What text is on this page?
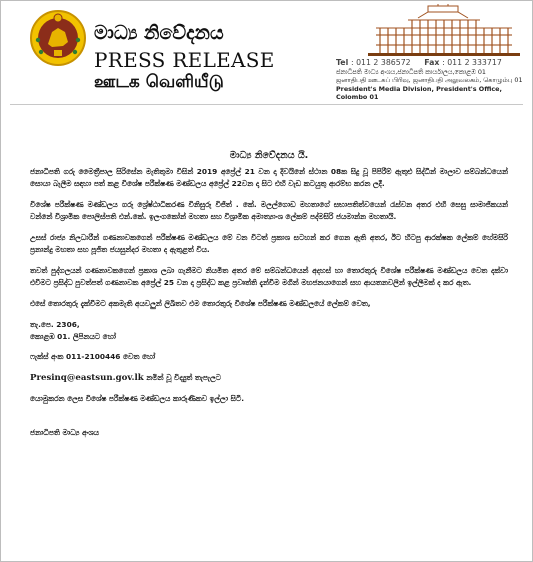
මාධ්‍ය නිවේදනය
PRESS RELEASE
ஊடக வெளியீடு
Tel : 011 2 386572 Fax : 011 2 333717
ජනාධිපති මාධ්‍ය අංශය,ජනාධිපති කාර්යාලය,කොළඹ 01
ஜனாதிபதி ஊடகப் பிரிவு, ஜனாதிபதி அலுவலகம், கொழும்பு 01
President's Media Division, President's Office, Colombo 01
මාධ්‍ය නිවේදනය යි.

ජනාධිපති ගරු මෛත්‍රීපාල සිරිසේන මැතිතුමා විසින් 2019 අප්‍රේල් 21 වන දා දිවයිනේ ස්ථාන 08ක සිදු වූ පිපිරීම් ඇතුළු සිද්ධීන් මාලාව සම්බන්ධයෙන් සොයා බැලීම සඳහා පත් කළ විශේෂ පරීක්ෂණ මණ්ඩලය අප්‍රේල් 22වන දා සිට එහි වැඩ කටයුතු ආරම්භ කරන ලදී.

විශේෂ පරීක්ෂණ මණ්ඩලය ගරු ශ්‍රේෂ්ඨාධිකරණ විනිසුරු විජිත් . කේ. මලල්ගොඩ මහතාගේ සභාපතිත්වයෙන් රැස්වන අතර එහි සෙසු සාමාජිකයන් වන්නේ විශ්‍රාමික පොලිස්පති එන්.කේ. ඉලංගකෝන් මහතා සහ විශ්‍රාමික අමාත්‍යාංශ ලේකම් පද්මසිරි ජයමාන්න මහතායි.

උසස් රාජ්‍ය නිලධාරීන් ගණනාවකගෙන් පරීක්ෂණ මණ්ඩලය මේ වන විටත් ප්‍රකාශ සටහන් කර ගෙන ඇති අතර, ඊට හිටපු ආරක්ෂක ලේකම් හේමසිරි ප්‍රනාන්දු මහතා සහ පූජිත ජයසුන්දර මහතා ද ඇතුළත් විය.

තවත් පුද්ගලයන් ගණනාවකගෙන් ප්‍රකාශ ලබා ගැනීමට නියමිත අතර මේ සම්බන්ධයෙන් අදහස් හා තොරතුරු විශේෂ පරීක්ෂණ මණ්ඩලය වෙත දක්වා එවීමට ප්‍රසිද්ධ පුවත්පත් ගණනාවක අප්‍රේල් 25 වන දා ප්‍රසිද්ධ කළ ප්‍රවෘත්ති දැන්වීම මගින් මහජනයාගෙන් සහ ආයතනවලින් ඉල්ලීමක් ද කර ඇත.

එසේ තොරතුරු දැක්වීමට අකමැති අයවලුන් ලිඛිතව එම තොරතුරු විශේෂ පරීක්ෂණ මණ්ඩලයේ ලේකම් වෙත,

තැ.පෙ. 2306,

කොළඹ 01. ලිපිනයට හෝ

ෆැක්ස් අංක 011-2100446 වෙත හෝ

Presinq@eastsun.gov.lk නමින් වූ විද්‍යුත් තැපැලට

යොමුකරන ලෙස විශේෂ පරීක්ෂණ මණ්ඩලය කාරුණිකව ඉල්ලා සිටී.

ජනාධිපති මාධ්‍ය අංශය
